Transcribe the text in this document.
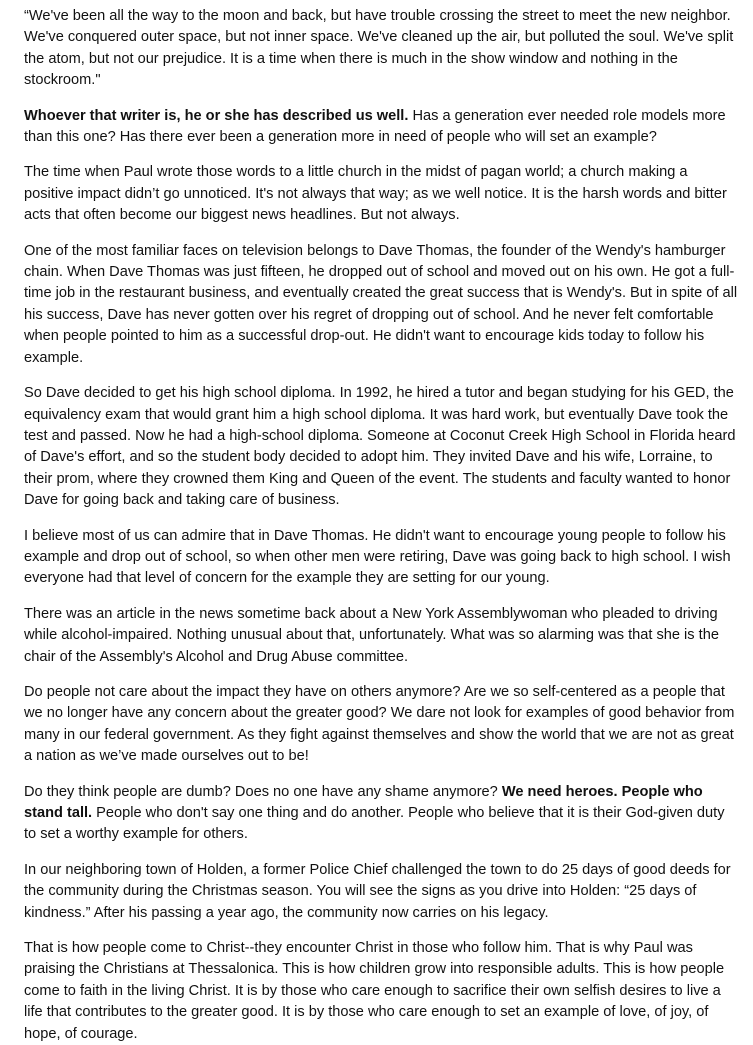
“We've been all the way to the moon and back, but have trouble crossing the street to meet the new neighbor. We've conquered outer space, but not inner space. We've cleaned up the air, but polluted the soul. We've split the atom, but not our prejudice. It is a time when there is much in the show window and nothing in the stockroom."

Whoever that writer is, he or she has described us well. Has a generation ever needed role models more than this one? Has there ever been a generation more in need of people who will set an example?

The time when Paul wrote those words to a little church in the midst of pagan world; a church making a positive impact didn’t go unnoticed. It's not always that way; as we well notice. It is the harsh words and bitter acts that often become our biggest news headlines. But not always.

One of the most familiar faces on television belongs to Dave Thomas, the founder of the Wendy's hamburger chain. When Dave Thomas was just fifteen, he dropped out of school and moved out on his own. He got a full-time job in the restaurant business, and eventually created the great success that is Wendy's. But in spite of all his success, Dave has never gotten over his regret of dropping out of school. And he never felt comfortable when people pointed to him as a successful drop-out. He didn't want to encourage kids today to follow his example.

So Dave decided to get his high school diploma. In 1992, he hired a tutor and began studying for his GED, the equivalency exam that would grant him a high school diploma. It was hard work, but eventually Dave took the test and passed. Now he had a high-school diploma. Someone at Coconut Creek High School in Florida heard of Dave's effort, and so the student body decided to adopt him. They invited Dave and his wife, Lorraine, to their prom, where they crowned them King and Queen of the event. The students and faculty wanted to honor Dave for going back and taking care of business.

I believe most of us can admire that in Dave Thomas. He didn't want to encourage young people to follow his example and drop out of school, so when other men were retiring, Dave was going back to high school. I wish everyone had that level of concern for the example they are setting for our young.

There was an article in the news sometime back about a New York Assemblywoman who pleaded to driving while alcohol-impaired. Nothing unusual about that, unfortunately. What was so alarming was that she is the chair of the Assembly's Alcohol and Drug Abuse committee.

Do people not care about the impact they have on others anymore? Are we so self-centered as a people that we no longer have any concern about the greater good? We dare not look for examples of good behavior from many in our federal government. As they fight against themselves and show the world that we are not as great a nation as we’ve made ourselves out to be!

Do they think people are dumb? Does no one have any shame anymore? We need heroes. People who stand tall. People who don't say one thing and do another. People who believe that it is their God-given duty to set a worthy example for others.

In our neighboring town of Holden, a former Police Chief challenged the town to do 25 days of good deeds for the community during the Christmas season. You will see the signs as you drive into Holden: “25 days of kindness.” After his passing a year ago, the community now carries on his legacy.

That is how people come to Christ--they encounter Christ in those who follow him. That is why Paul was praising the Christians at Thessalonica. This is how children grow into responsible adults. This is how people come to faith in the living Christ. It is by those who care enough to sacrifice their own selfish desires to live a life that contributes to the greater good. It is by those who care enough to set an example of love, of joy, of hope, of courage.
